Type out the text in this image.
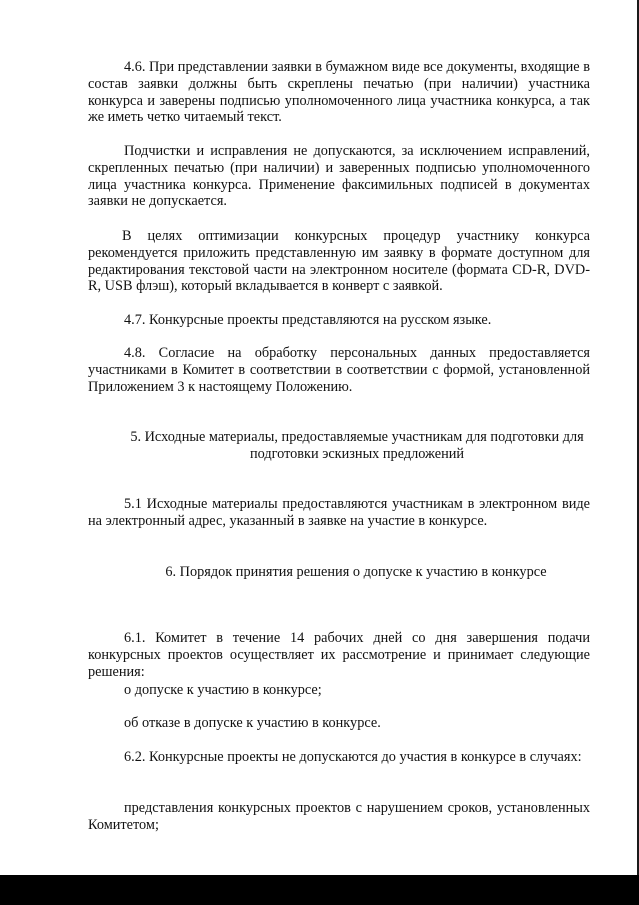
4.6. При представлении заявки в бумажном виде все документы, входящие в состав заявки должны быть скреплены печатью (при наличии) участника конкурса и заверены подписью уполномоченного лица участника конкурса, а так же иметь четко читаемый текст.

Подчистки и исправления не допускаются, за исключением исправлений, скрепленных печатью (при наличии) и заверенных подписью уполномоченного лица участника конкурса. Применение факсимильных подписей в документах заявки не допускается.

В целях оптимизации конкурсных процедур участнику конкурса рекомендуется приложить представленную им заявку в формате доступном для редактирования текстовой части на электронном носителе (формата CD-R, DVD-R, USB флэш), который вкладывается в конверт с заявкой.

4.7. Конкурсные проекты представляются на русском языке.

4.8. Согласие на обработку персональных данных предоставляется участниками в Комитет в соответствии в соответствии с формой, установленной Приложением 3 к настоящему Положению.

5. Исходные материалы, предоставляемые участникам для подготовки для подготовки эскизных предложений

5.1 Исходные материалы предоставляются участникам в электронном виде на электронный адрес, указанный в заявке на участие в конкурсе.

6. Порядок принятия решения о допуске к участию в конкурсе

6.1. Комитет в течение 14 рабочих дней со дня завершения подачи конкурсных проектов осуществляет их рассмотрение и принимает следующие решения:

о допуске к участию в конкурсе;

об отказе в допуске к участию в конкурсе.

6.2. Конкурсные проекты не допускаются до участия в конкурсе в случаях:

представления конкурсных проектов с нарушением сроков, установленных Комитетом;
